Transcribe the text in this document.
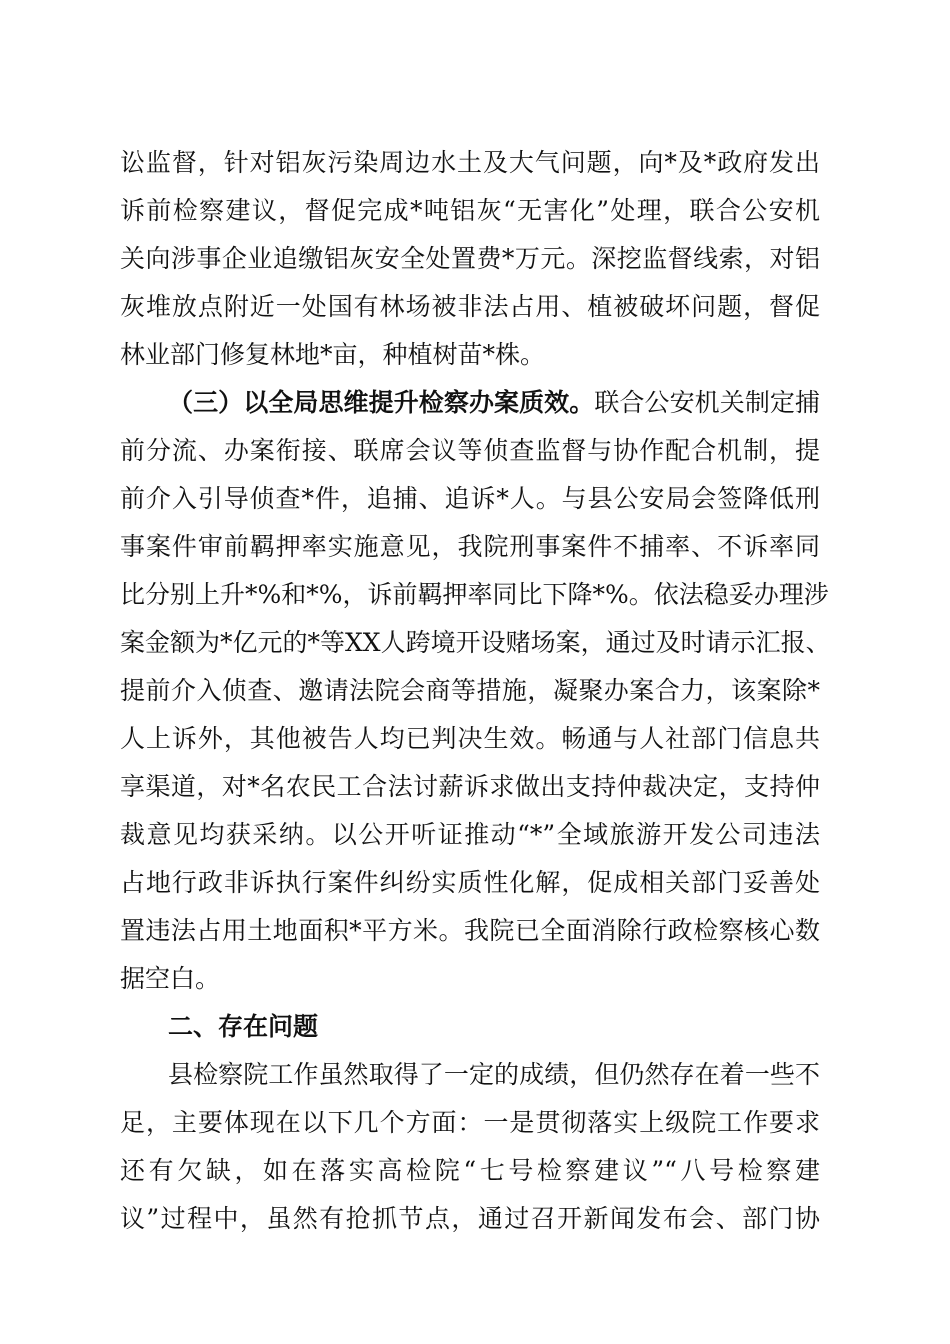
讼监督，针对铝灰污染周边水土及大气问题，向*及*政府发出
诉前检察建议，督促完成*吨铝灰“无害化”处理，联合公安机
关向涉事企业追缴铝灰安全处置费*万元。深挖监督线索，对铝
灰堆放点附近一处国有林场被非法占用、植被破坏问题，督促
林业部门修复林地*亩，种植树苗*株。
（三）以全局思维提升检察办案质效。联合公安机关制定捕
前分流、办案衔接、联席会议等侦查监督与协作配合机制，提
前介入引导侦查*件，追捕、追诉*人。与县公安局会签降低刑
事案件审前羁押率实施意见，我院刑事案件不捕率、不诉率同
比分别上升*%和*%，诉前羁押率同比下降*%。依法稳妥办理涉
案金额为*亿元的*等XX人跨境开设赌场案，通过及时请示汇报、
提前介入侦查、邀请法院会商等措施，凝聚办案合力，该案除*
人上诉外，其他被告人均已判决生效。畅通与人社部门信息共
享渠道，对*名农民工合法讨薪诉求做出支持仲裁决定，支持仲
裁意见均获采纳。以公开听证推动“*”全域旅游开发公司违法
占地行政非诉执行案件纠纷实质性化解，促成相关部门妥善处
置违法占用土地面积*平方米。我院已全面消除行政检察核心数
据空白。
二、存在问题
县检察院工作虽然取得了一定的成绩，但仍然存在着一些不
足，主要体现在以下几个方面：一是贯彻落实上级院工作要求
还有欠缺，如在落实高检院“七号检察建议”“八号检察建
议”过程中，虽然有抢抓节点，通过召开新闻发布会、部门协
